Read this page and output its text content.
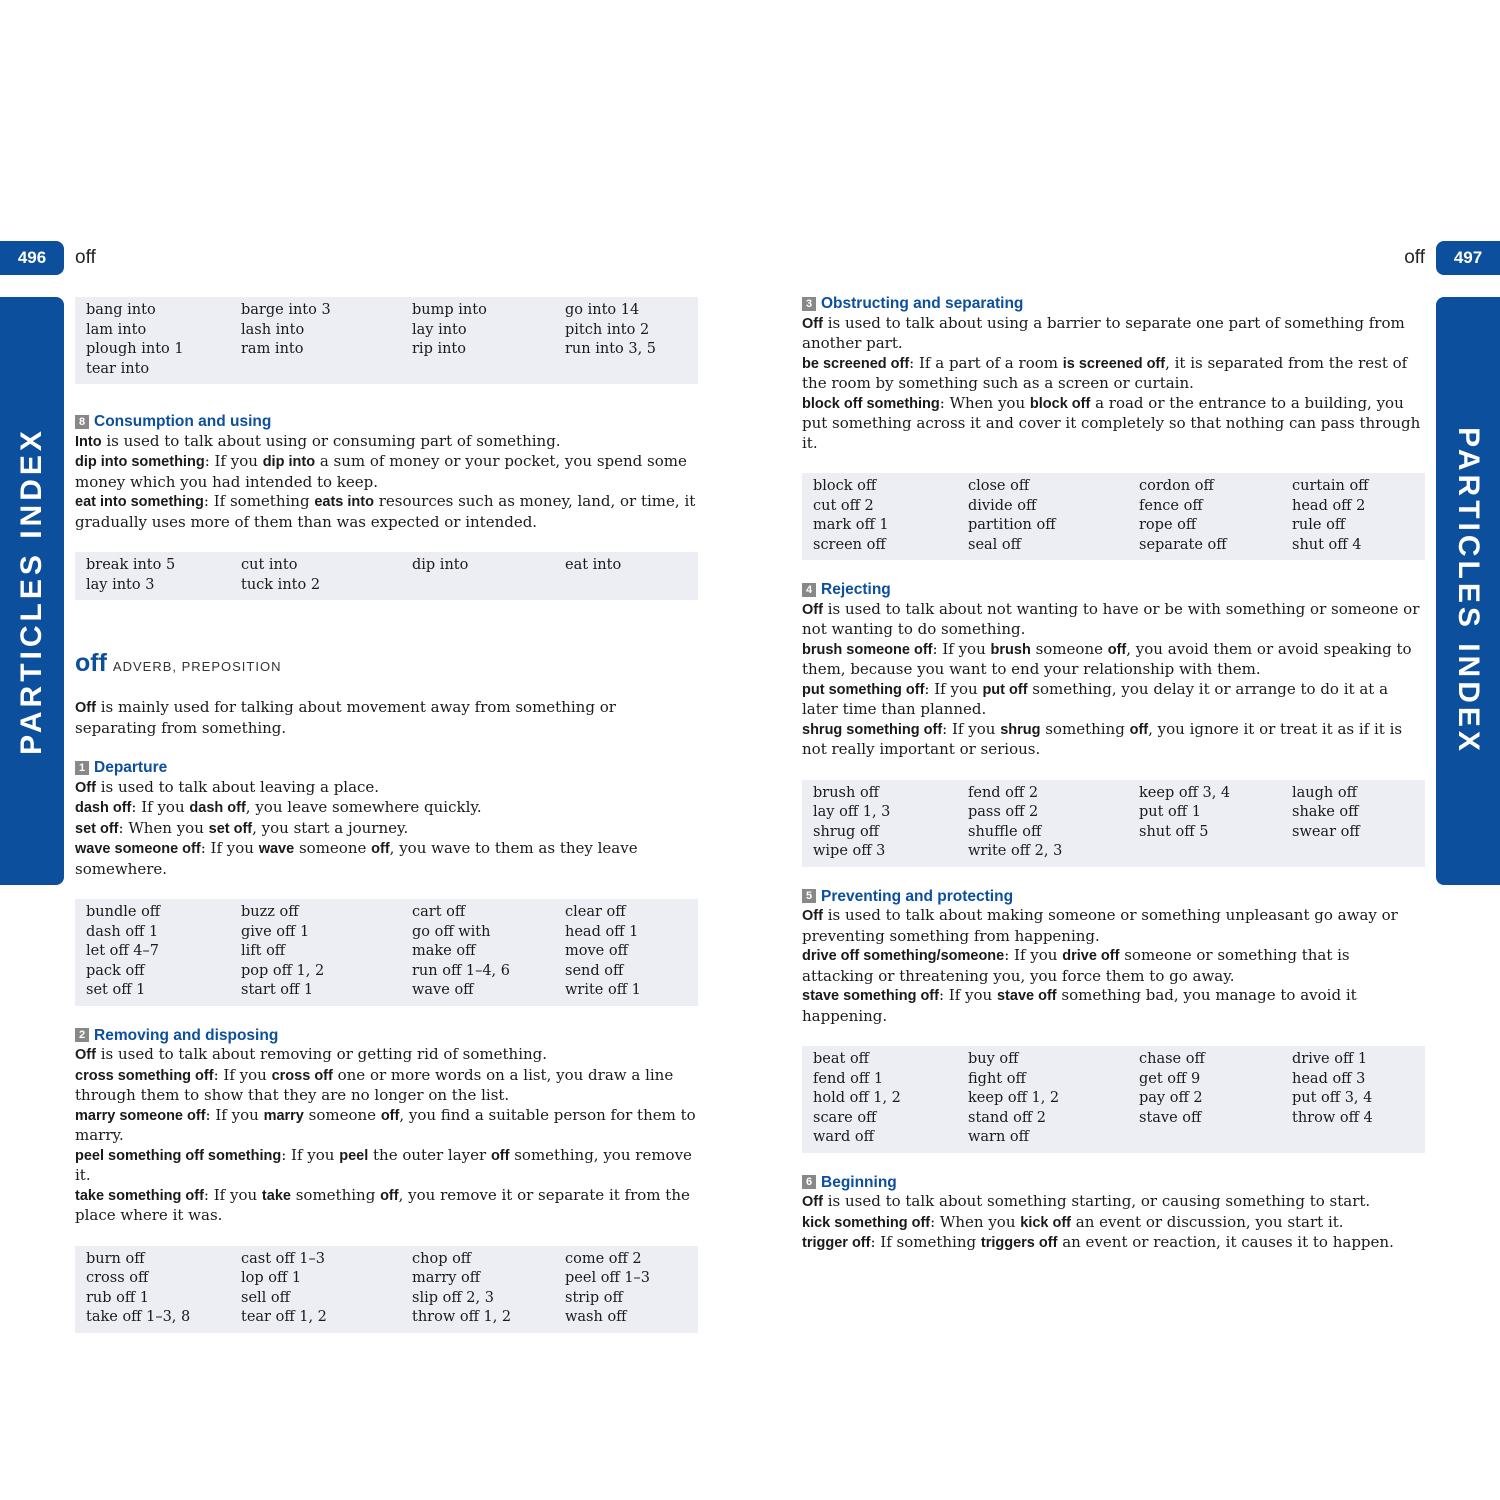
496	off
PARTICLES INDEX
497
off
PARTICLES INDEX
bang into	barge into 3	bump into	go into 14
lam into	lash into	lay into	pitch into 2
plough into 1	ram into	rip into	run into 3, 5
tear into
8 Consumption and using

Into is used to talk about using or consuming part of something.

dip into something: If you dip into a sum of money or your pocket, you spend some money which you had intended to keep.

eat into something: If something eats into resources such as money, land, or time, it gradually uses more of them than was expected or intended.

break into 5	cut into	dip into	eat into
lay into 3	tuck into 2
off ADVERB, PREPOSITION

Off is mainly used for talking about movement away from something or separating from something.

1 Departure

Off is used to talk about leaving a place.

dash off: If you dash off, you leave somewhere quickly.

set off: When you set off, you start a journey.

wave someone off: If you wave someone off, you wave to them as they leave somewhere.

bundle off	buzz off	cart off	clear off
dash off 1	give off 1	go off with	head off 1
let off 4–7	lift off	make off	move off
pack off	pop off 1, 2	run off 1–4, 6	send off
set off 1	start off 1	wave off	write off 1
2 Removing and disposing

Off is used to talk about removing or getting rid of something.

cross something off: If you cross off one or more words on a list, you draw a line through them to show that they are no longer on the list.

marry someone off: If you marry someone off, you find a suitable person for them to marry.

peel something off something: If you peel the outer layer off something, you remove it.

take something off: If you take something off, you remove it or separate it from the place where it was.

burn off	cast off 1–3	chop off	come off 2
cross off	lop off 1	marry off	peel off 1–3
rub off 1	sell off	slip off 2, 3	strip off
take off 1–3, 8	tear off 1, 2	throw off 1, 2	wash off
3 Obstructing and separating

Off is used to talk about using a barrier to separate one part of something from another part.

be screened off: If a part of a room is screened off, it is separated from the rest of the room by something such as a screen or curtain.

block off something: When you block off a road or the entrance to a building, you put something across it and cover it completely so that nothing can pass through it.

block off	close off	cordon off	curtain off
cut off 2	divide off	fence off	head off 2
mark off 1	partition off	rope off	rule off
screen off	seal off	separate off	shut off 4
4 Rejecting

Off is used to talk about not wanting to have or be with something or someone or not wanting to do something.

brush someone off: If you brush someone off, you avoid them or avoid speaking to them, because you want to end your relationship with them.

put something off: If you put off something, you delay it or arrange to do it at a later time than planned.

shrug something off: If you shrug something off, you ignore it or treat it as if it is not really important or serious.

brush off	fend off 2	keep off 3, 4	laugh off
lay off 1, 3	pass off 2	put off 1	shake off
shrug off	shuffle off	shut off 5	swear off
wipe off 3	write off 2, 3
5 Preventing and protecting

Off is used to talk about making someone or something unpleasant go away or preventing something from happening.

drive off something/someone: If you drive off someone or something that is attacking or threatening you, you force them to go away.

stave something off: If you stave off something bad, you manage to avoid it happening.

beat off	buy off	chase off	drive off 1
fend off 1	fight off	get off 9	head off 3
hold off 1, 2	keep off 1, 2	pay off 2	put off 3, 4
scare off	stand off 2	stave off	throw off 4
ward off	warn off
6 Beginning

Off is used to talk about something starting, or causing something to start.

kick something off: When you kick off an event or discussion, you start it.

trigger off: If something triggers off an event or reaction, it causes it to happen.
